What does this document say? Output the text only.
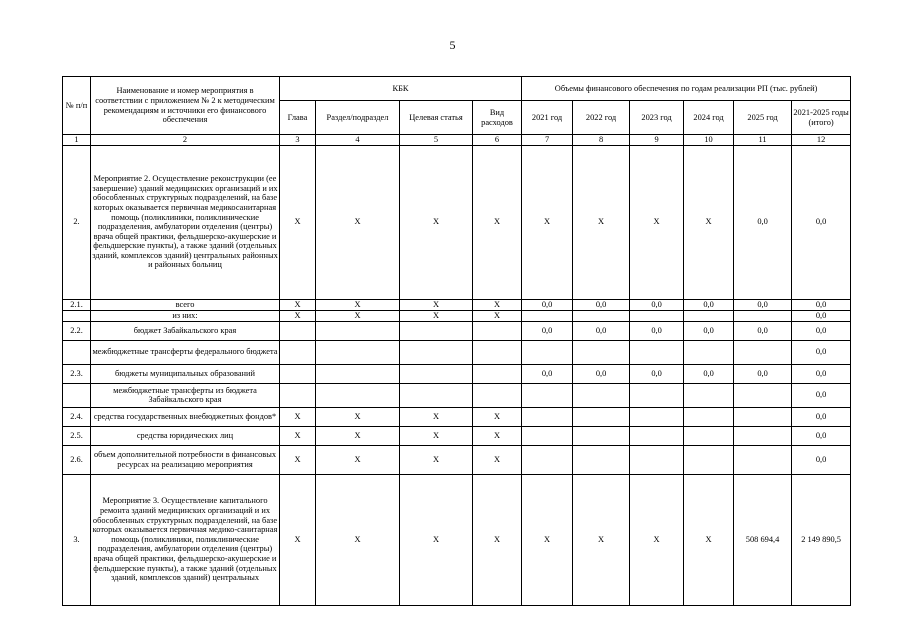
5
№ п/п	Наименование и номер мероприятия в соответствии с приложением № 2 к методическим рекомендациям и источники его финансового обеспечения	КБК				Объемы финансового обеспечения по годам реализации РП (тыс. рублей)					
		Глава	Раздел/подраздел	Целевая статья	Вид расходов	2021 год	2022 год	2023 год	2024 год	2025 год	2021-2025 годы (итого)
1	2	3	4	5	6	7	8	9	10	11	12
2.	Мероприятие 2. Осуществление реконструкции (ее завершение) зданий медицинских организаций и их обособленных структурных подразделений, на базе которых оказывается первичная медикосанитарная помощь (поликлиники, поликлинические подразделения, амбулатории отделения (центры) врача общей практики, фельдшерско-акушерские и фельдшерские пункты), а также зданий (отдельных зданий, комплексов зданий) центральных районных и районных больниц	X	X	X	X	X	X	X	X	0,0	0,0
2.1.	всего	X	X	X	X	0,0	0,0	0,0	0,0	0,0	0,0
	из них:	X	X	X	X						0,0
2.2.	бюджет Забайкальского края					0,0	0,0	0,0	0,0	0,0	0,0
	межбюджетные трансферты федерального бюджета										0,0
2.3.	бюджеты муниципальных образований					0,0	0,0	0,0	0,0	0,0	0,0
	межбюджетные трансферты из бюджета Забайкальского края										0,0
2.4.	средства государственных внебюджетных фондов*	X	X	X	X						0,0
2.5.	средства юридических лиц	X	X	X	X						0,0
2.6.	объем дополнительной потребности в финансовых ресурсах на реализацию мероприятия	X	X	X	X						0,0
3.	Мероприятие 3. Осуществление капитального ремонта зданий медицинских организаций и их обособленных структурных подразделений, на базе которых оказывается первичная медико-санитарная помощь (поликлиники, поликлинические подразделения, амбулатории отделения (центры) врача общей практики, фельдшерско-акушерские и фельдшерские пункты), а также зданий (отдельных зданий, комплексов зданий) центральных	X	X	X	X	X	X	X	X	508 694,4	2 149 890,5
